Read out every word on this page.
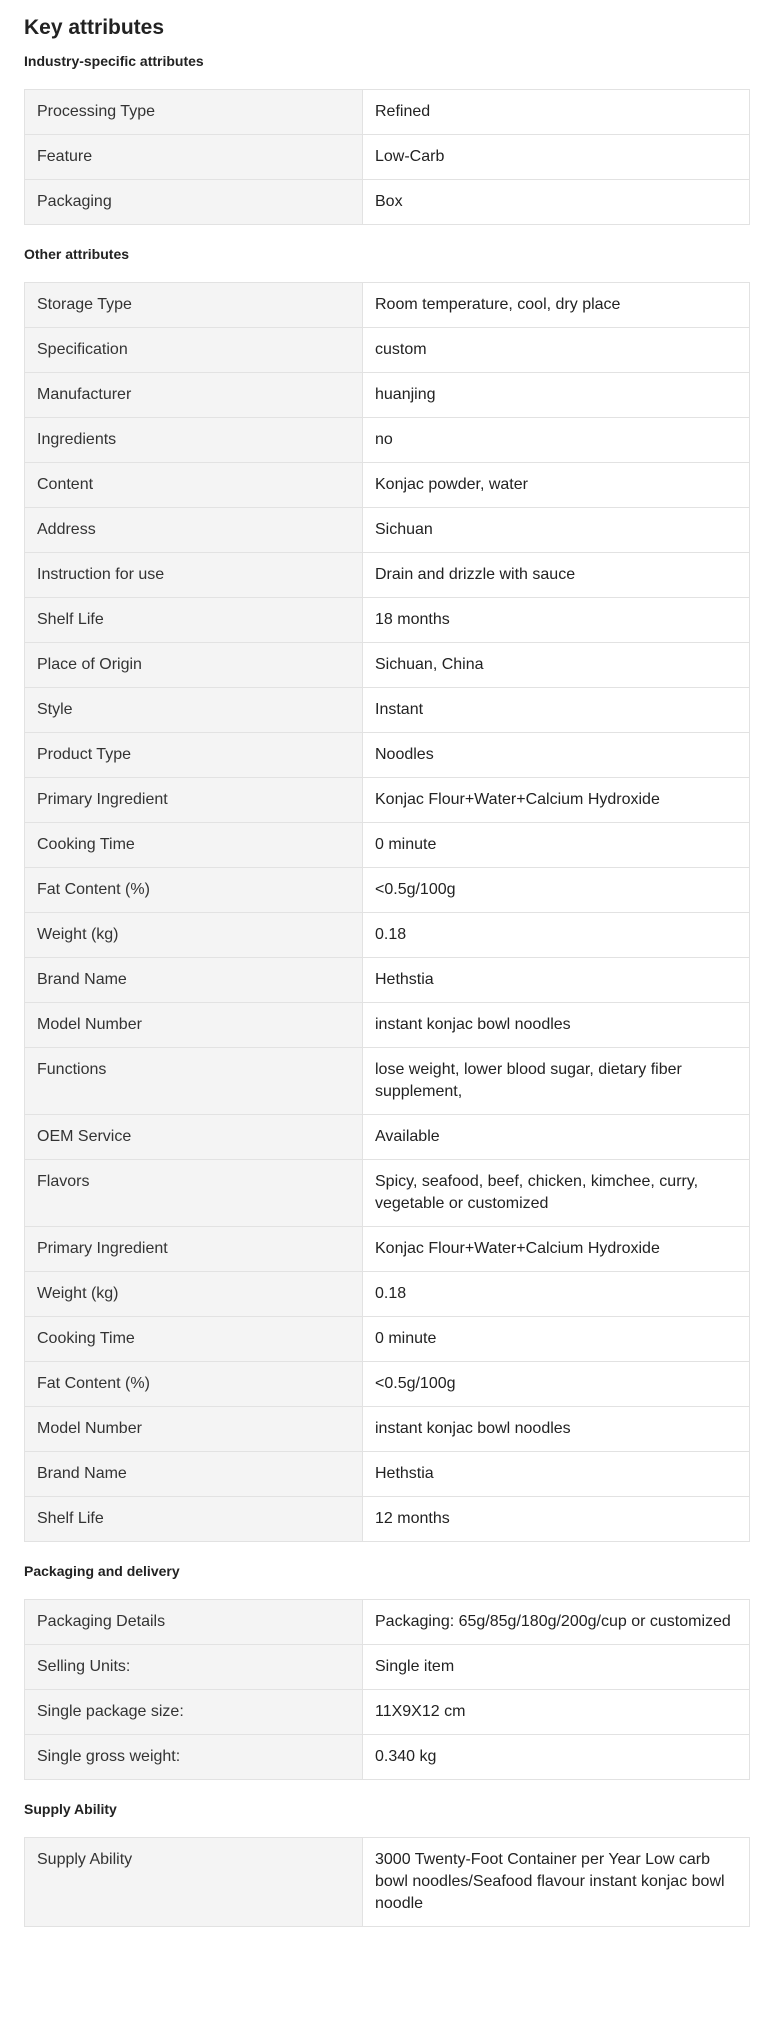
Key attributes
Industry-specific attributes
Processing Type	Refined
Feature	Low-Carb
Packaging	Box
Other attributes
Storage Type	Room temperature, cool, dry place
Specification	custom
Manufacturer	huanjing
Ingredients	no
Content	Konjac powder, water
Address	Sichuan
Instruction for use	Drain and drizzle with sauce
Shelf Life	18 months
Place of Origin	Sichuan, China
Style	Instant
Product Type	Noodles
Primary Ingredient	Konjac Flour+Water+Calcium Hydroxide
Cooking Time	0 minute
Fat Content (%)	<0.5g/100g
Weight (kg)	0.18
Brand Name	Hethstia
Model Number	instant konjac bowl noodles
Functions	lose weight, lower blood sugar, dietary fiber supplement,
OEM Service	Available
Flavors	Spicy, seafood, beef, chicken, kimchee, curry, vegetable or customized
Primary Ingredient	Konjac Flour+Water+Calcium Hydroxide
Weight (kg)	0.18
Cooking Time	0 minute
Fat Content (%)	<0.5g/100g
Model Number	instant konjac bowl noodles
Brand Name	Hethstia
Shelf Life	12 months
Packaging and delivery
Packaging Details	Packaging: 65g/85g/180g/200g/cup or customized
Selling Units:	Single item
Single package size:	11X9X12 cm
Single gross weight:	0.340 kg
Supply Ability
Supply Ability	3000 Twenty-Foot Container per Year Low carb bowl noodles/Seafood flavour instant konjac bowl noodle
